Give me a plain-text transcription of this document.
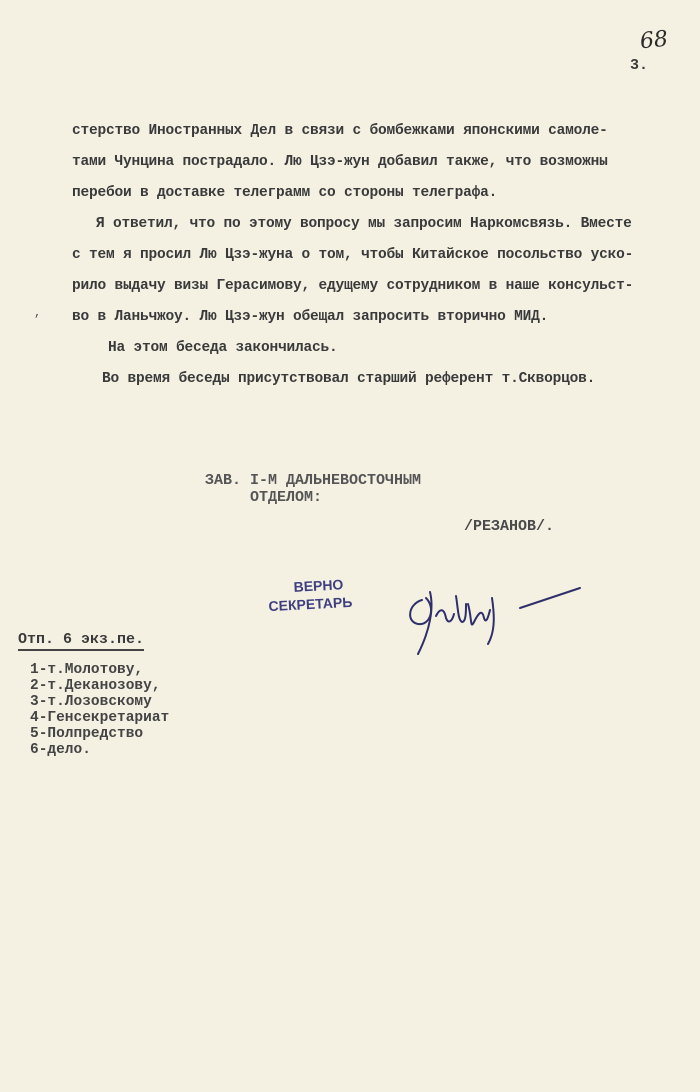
68
3.
,
стерство Иностранных Дел в связи с бомбежками японскими самоле-
тами Чунцина пострадало. Лю Цзэ-жун добавил также, что возможны
перебои в доставке телеграмм со стороны телеграфа.
Я ответил, что по этому вопросу мы запросим Наркомсвязь. Вместе
с тем я просил Лю Цзэ-жуна о том, чтобы Китайское посольство уско-
рило выдачу визы Герасимову, едущему сотрудником в наше консульст-
во в Ланьчжоу. Лю Цзэ-жун обещал запросить вторично МИД.
На этом беседа закончилась.
Во время беседы присутствовал старший референт т.Скворцов.
ЗАВ. I-М ДАЛЬНЕВОСТОЧНЫМ
ОТДЕЛОМ:
/РЕЗАНОВ/.
ВЕРНО
СЕКРЕТАРЬ
Отп. 6 экз.пе.
1-т.Молотову,
2-т.Деканозову,
3-т.Лозовскому
4-Генсекретариат
5-Полпредство
6-дело.
